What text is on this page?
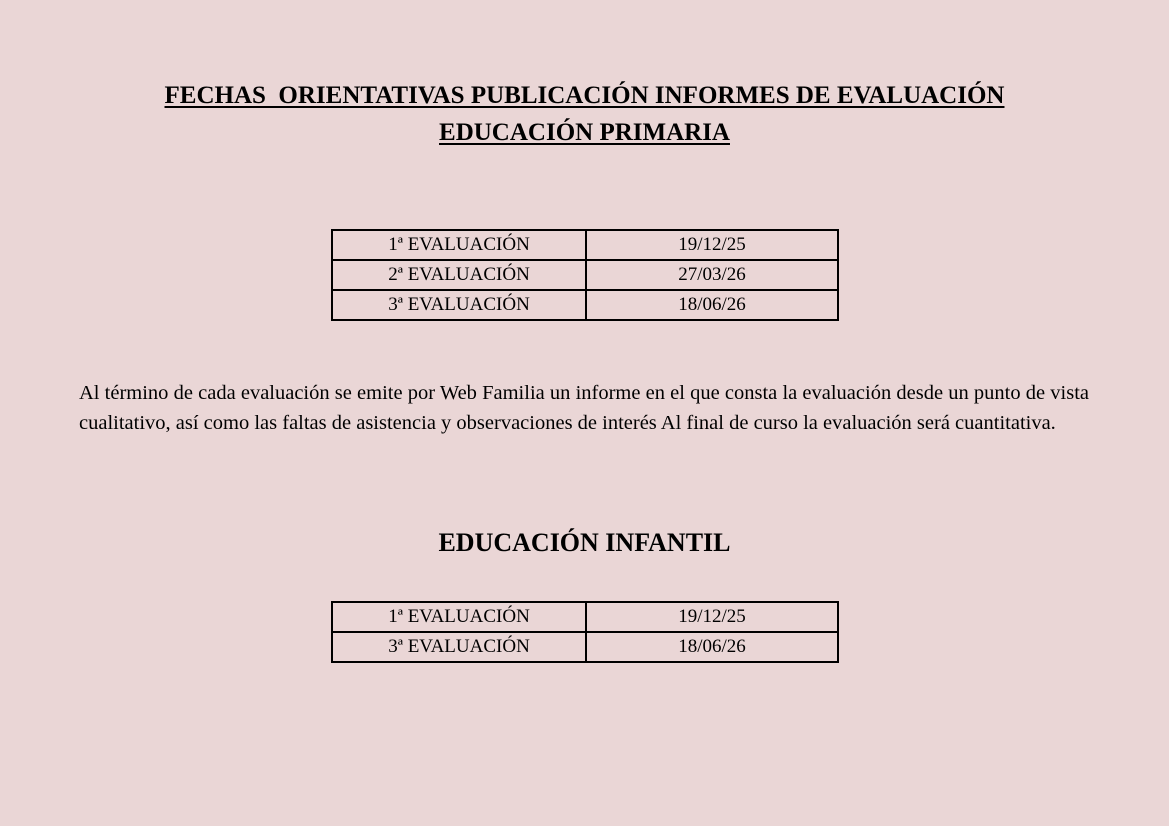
FECHAS  ORIENTATIVAS PUBLICACIÓN INFORMES DE EVALUACIÓN
EDUCACIÓN PRIMARIA
1ª EVALUACIÓN	19/12/25
2ª EVALUACIÓN	27/03/26
3ª EVALUACIÓN	18/06/26

Al término de cada evaluación se emite por Web Familia un informe en el que consta la evaluación desde un punto de vista cualitativo, así como las faltas de asistencia y observaciones de interés Al final de curso la evaluación será cuantitativa.

EDUCACIÓN INFANTIL
1ª EVALUACIÓN	19/12/25
3ª EVALUACIÓN	18/06/26
